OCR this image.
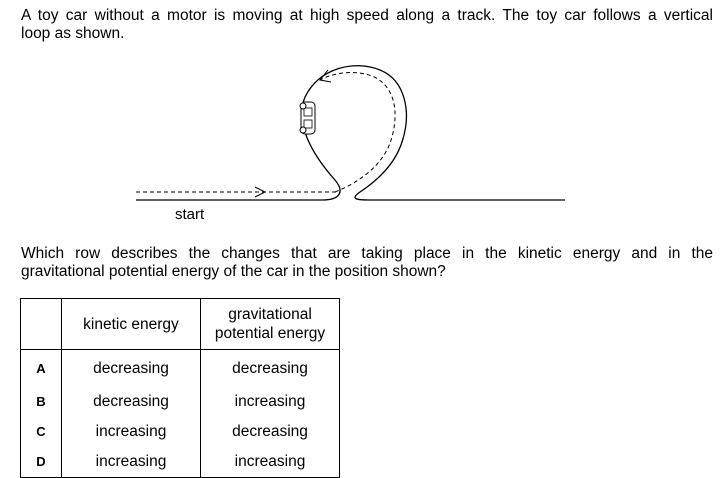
A toy car without a motor is moving at high speed along a track. The toy car follows a vertical
loop as shown.
start
Which row describes the changes that are taking place in the kinetic energy and in the
gravitational potential energy of the car in the position shown?
	kinetic energy	gravitational
potential energy
A	decreasing	decreasing
B	decreasing	increasing
C	increasing	decreasing
D	increasing	increasing
